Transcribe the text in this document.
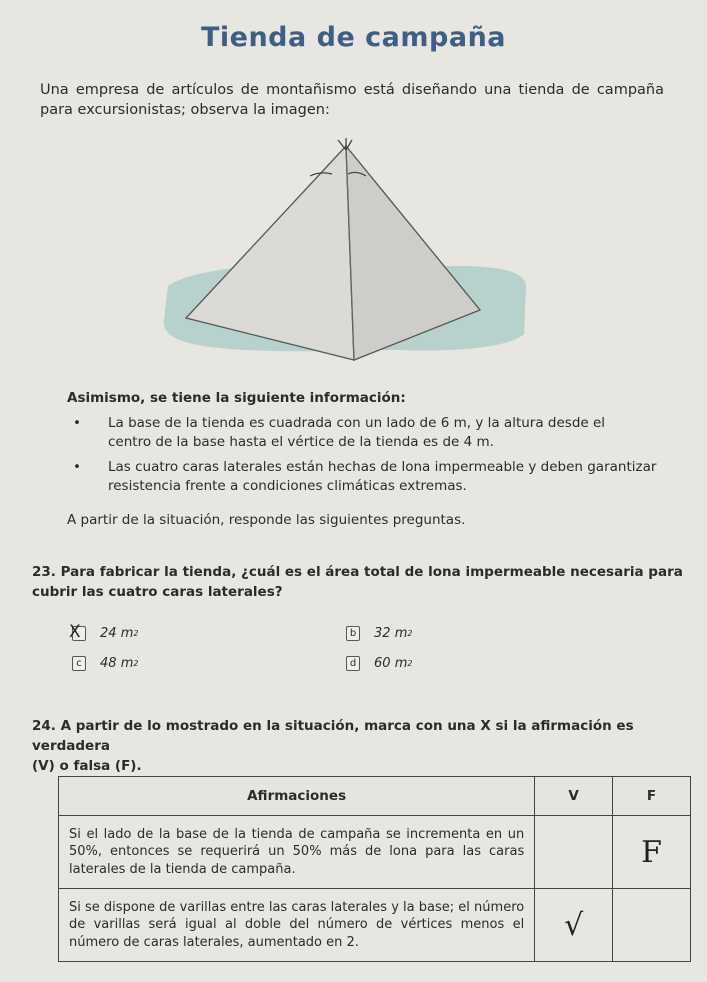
Tienda de campaña
Una empresa de artículos de montañismo está diseñando una tienda de campaña para excursionistas; observa la imagen:
Asimismo, se tiene la siguiente información:
• La base de la tienda es cuadrada con un lado de 6 m, y la altura desde el
centro de la base hasta el vértice de la tienda es de 4 m.
• Las cuatro caras laterales están hechas de lona impermeable y deben garantizar
resistencia frente a condiciones climáticas extremas.
A partir de la situación, responde las siguientes preguntas.
23. Para fabricar la tienda, ¿cuál es el área total de lona impermeable necesaria para
cubrir las cuatro caras laterales?
X 24
m 2	b 32
m 2
c	48
m 2	d 60
m 2
24. A partir de lo mostrado en la situación, marca con una X si la afirmación es verdadera
(V) o falsa (F).
Afirmaciones	V	F
Si el lado de la base de la tienda de campaña se incrementa en un 50%, entonces se requerirá un 50% más de lona para las caras laterales de la tienda de campaña.		F
Si se dispone de varillas entre las caras laterales y la base; el número de varillas será igual al doble del número de vértices menos el número de caras laterales, aumentado en 2.	√	
